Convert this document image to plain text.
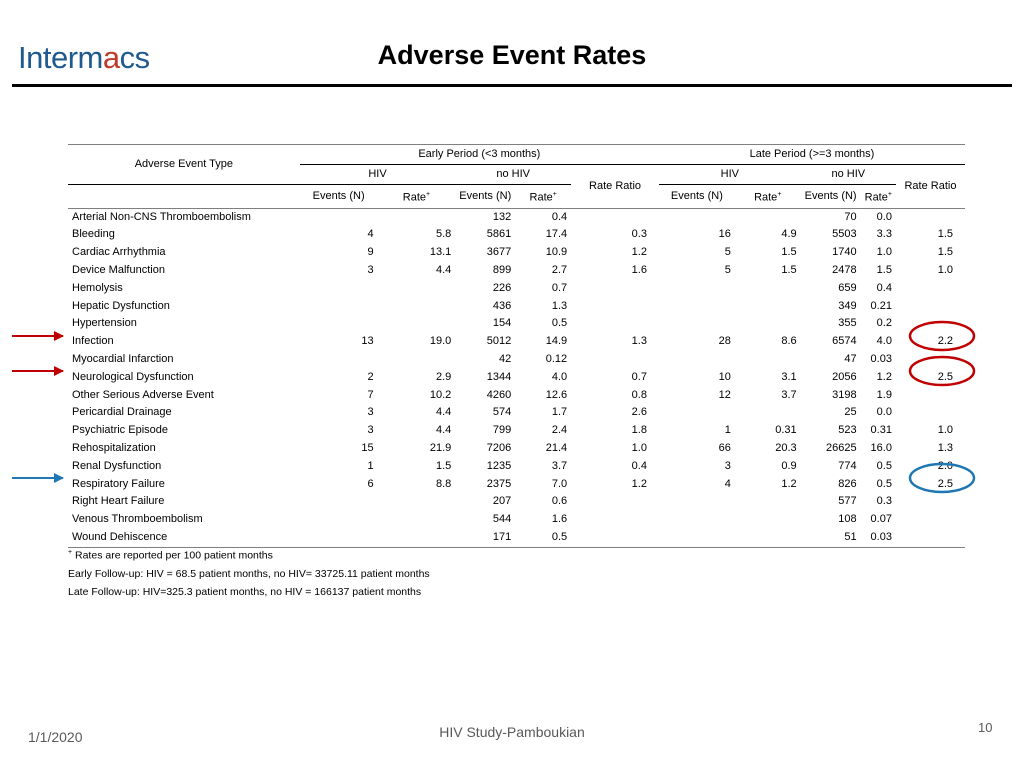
Intermacs	Adverse Event Rates
Adverse Event Type	Early Period (<3 months)					Late Period (>=3 months)				
	HIV		no HIV		Rate Ratio	HIV		no HIV		Rate Ratio
	Events (N)	Rate+	Events (N)	Rate+		Events (N)	Rate+	Events (N)	Rate+
Arterial Non-CNS Thromboembolism			132	0.4				70	0.0	
Bleeding	4	5.8	5861	17.4	0.3	16	4.9	5503	3.3	1.5
Cardiac Arrhythmia	9	13.1	3677	10.9	1.2	5	1.5	1740	1.0	1.5
Device Malfunction	3	4.4	899	2.7	1.6	5	1.5	2478	1.5	1.0
Hemolysis			226	0.7				659	0.4	
Hepatic Dysfunction			436	1.3				349	0.21	
Hypertension			154	0.5				355	0.2	
Infection	13	19.0	5012	14.9	1.3	28	8.6	6574	4.0	2.2
Myocardial Infarction			42	0.12				47	0.03	
Neurological Dysfunction	2	2.9	1344	4.0	0.7	10	3.1	2056	1.2	2.5
Other Serious Adverse Event	7	10.2	4260	12.6	0.8	12	3.7	3198	1.9	
Pericardial Drainage	3	4.4	574	1.7	2.6			25	0.0	
Psychiatric Episode	3	4.4	799	2.4	1.8	1	0.31	523	0.31	1.0
Rehospitalization	15	21.9	7206	21.4	1.0	66	20.3	26625	16.0	1.3
Renal Dysfunction	1	1.5	1235	3.7	0.4	3	0.9	774	0.5	2.0
Respiratory Failure	6	8.8	2375	7.0	1.2	4	1.2	826	0.5	2.5
Right Heart Failure			207	0.6				577	0.3	
Venous Thromboembolism			544	1.6				108	0.07	
Wound Dehiscence			171	0.5				51	0.03	
+ Rates are reported per 100 patient months
Early Follow-up: HIV = 68.5 patient months, no HIV= 33725.11 patient months
Late Follow-up: HIV=325.3 patient months, no HIV = 166137 patient months
1/1/2020	HIV Study-Pamboukian	10
